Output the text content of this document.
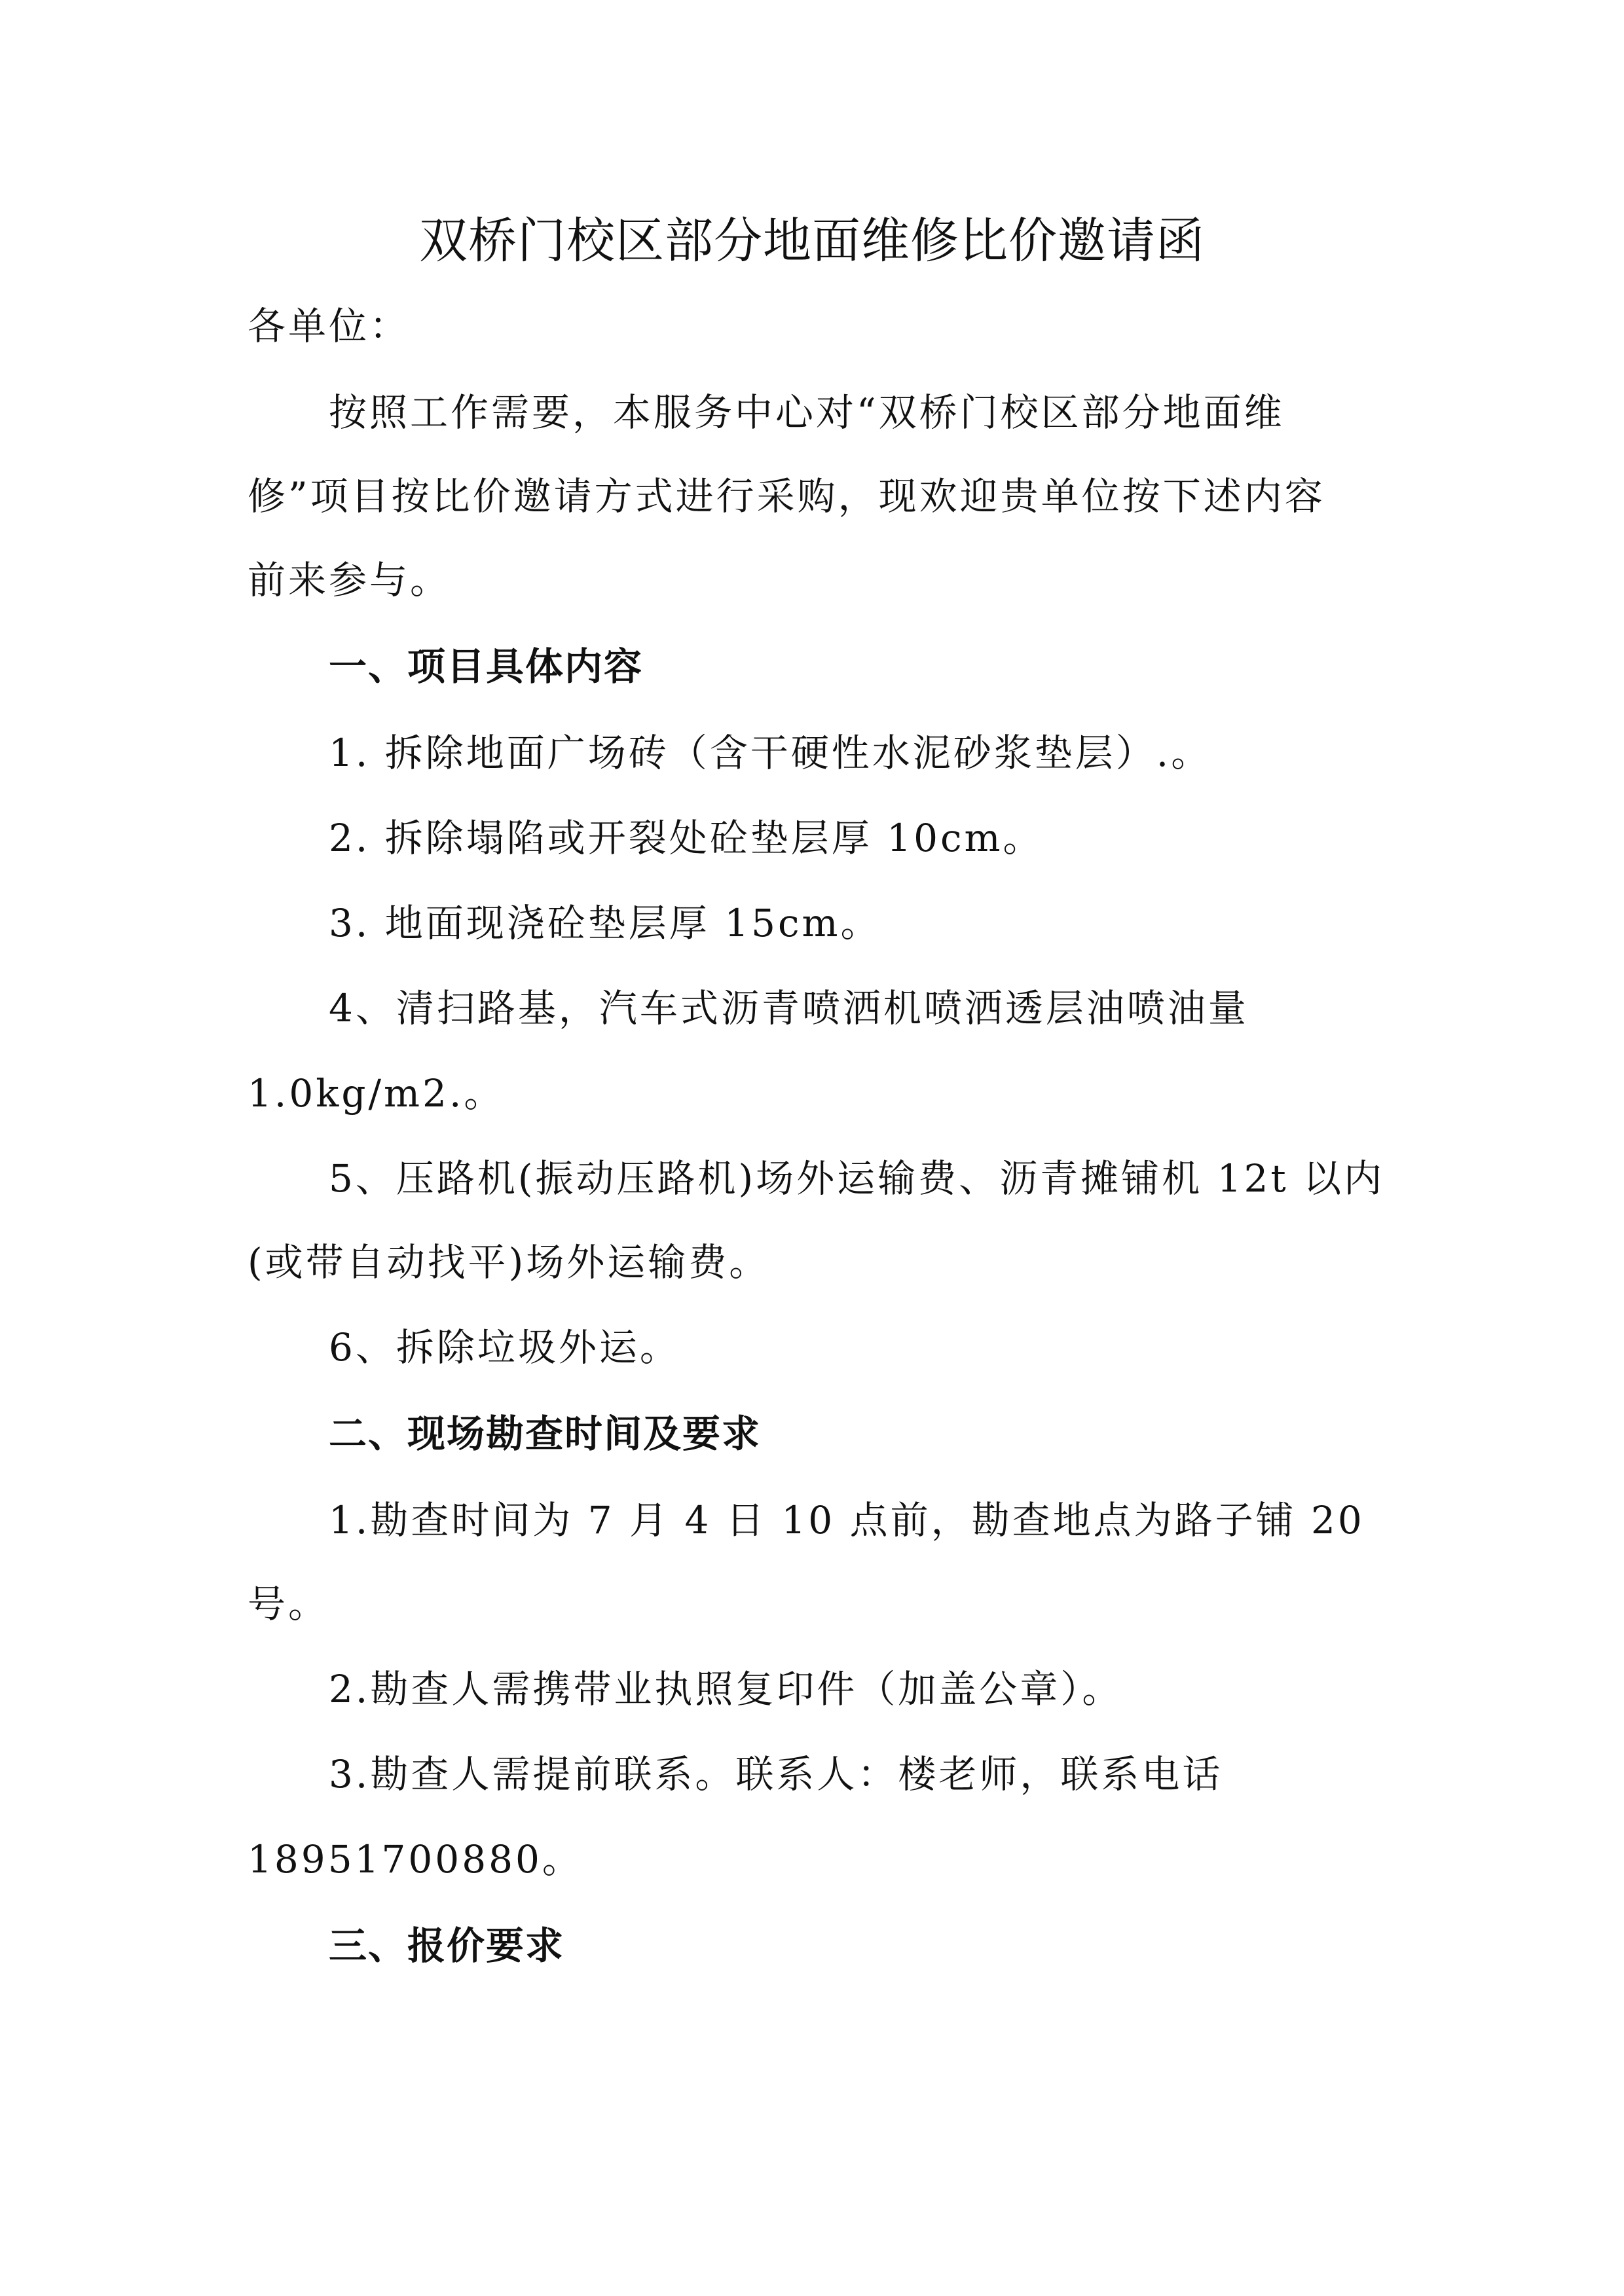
双桥门校区部分地面维修比价邀请函
各单位：
按照工作需要，本服务中心对“双桥门校区部分地面维
修”项目按比价邀请方式进行采购，现欢迎贵单位按下述内容
前来参与。
一、项目具体内容
1. 拆除地面广场砖（含干硬性水泥砂浆垫层）.。
2. 拆除塌陷或开裂处砼垫层厚 10cm。
3. 地面现浇砼垫层厚 15cm。
4、清扫路基，汽车式沥青喷洒机喷洒透层油喷油量
1.0kg/m2.。
5、压路机(振动压路机)场外运输费、沥青摊铺机 12t 以内
(或带自动找平)场外运输费。
6、拆除垃圾外运。
二、现场勘查时间及要求
1.勘查时间为 7 月 4 日 10 点前，勘查地点为路子铺 20
号。
2.勘查人需携带业执照复印件（加盖公章）。
3.勘查人需提前联系。联系人：楼老师，联系电话
18951700880。
三、报价要求
